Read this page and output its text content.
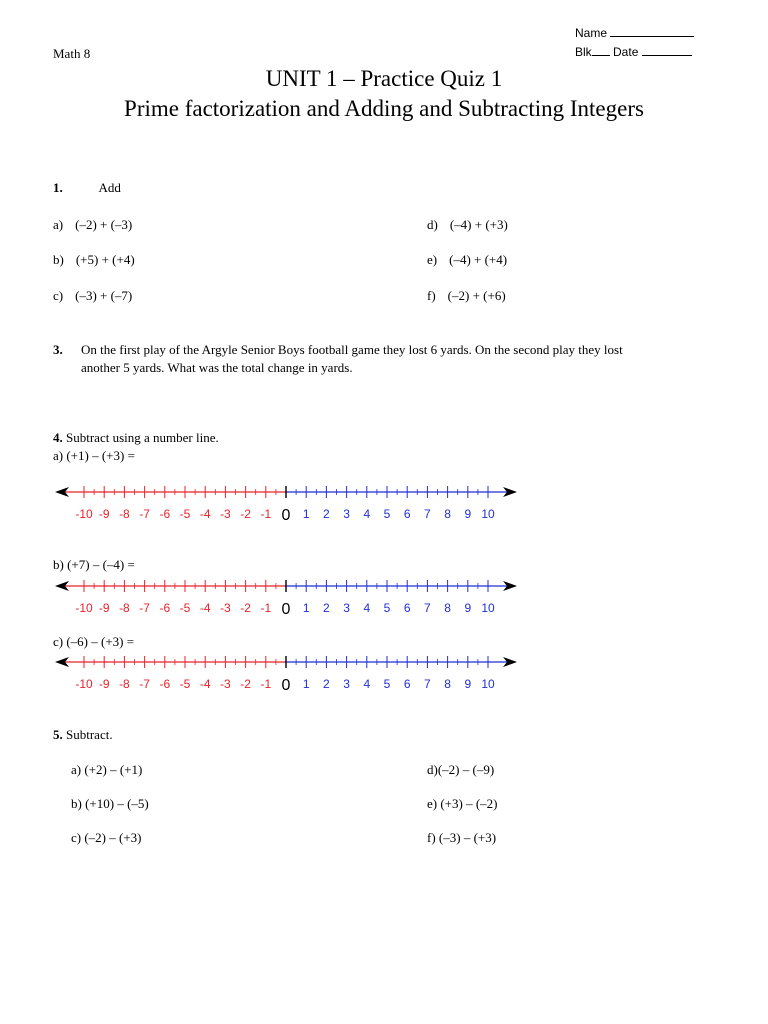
Name
Blk Date
Math 8
UNIT 1 – Practice Quiz 1
Prime factorization and Adding and Subtracting Integers
1.	Add
a) (–2) + (–3)
b) (+5) + (+4)
c) (–3) + (–7)
d) (–4) + (+3)
e) (–4) + (+4)
f) (–2) + (+6)
3. On the first play of the Argyle Senior Boys football game they lost 6 yards. On the second play they lost
another 5 yards. What was the total change in yards.
4. Subtract using a number line.
a) (+1) – (+3) =
-10 -9 -8 -7 -6 -5 -4 -3 -2 -1 0 1 2 3 4 5 6 7 8 9 10
b) (+7) – (–4) =
-10 -9 -8 -7 -6 -5 -4 -3 -2 -1 0 1 2 3 4 5 6 7 8 9 10
c) (–6) – (+3) =
-10 -9 -8 -7 -6 -5 -4 -3 -2 -1 0 1 2 3 4 5 6 7 8 9 10
5. Subtract.
a) (+2) – (+1)
b) (+10) – (–5)
c) (–2) – (+3)
d)(–2) – (–9)
e) (+3) – (–2)
f) (–3) – (+3)
